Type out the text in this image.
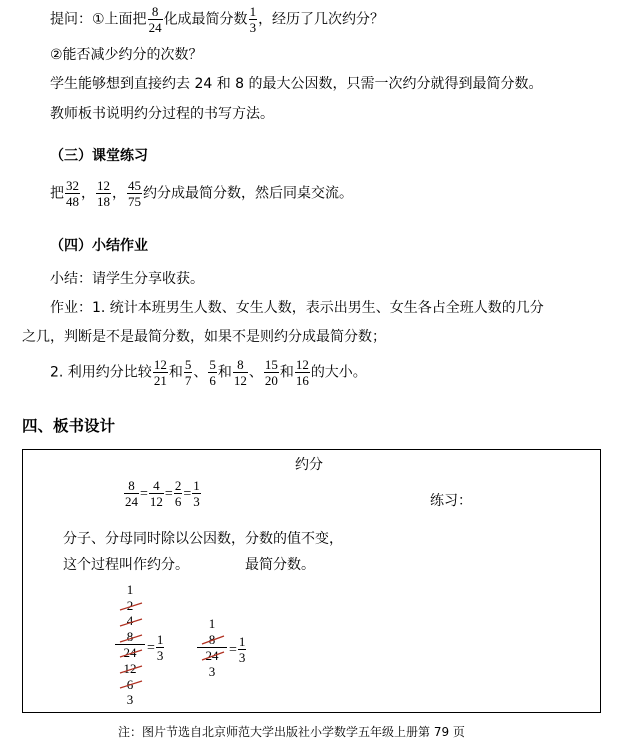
提问：①上面把 $\frac{8}{24}$ 化成最简分数 $\frac{1}{3}$ ，经历了几次约分？
②能否减少约分的次数？
学生能够想到直接约去 24 和 8 的最大公因数，只需一次约分就得到最简分数。
教师板书说明约分过程的书写方法。
（三）课堂练习
把 $\frac{32}{48}$ ， $\frac{12}{18}$ ， $\frac{45}{75}$ 约分成最简分数，然后同桌交流。
（四）小结作业
小结：请学生分享收获。
作业：1. 统计本班男生人数、女生人数，表示出男生、女生各占全班人数的几分
之几，判断是不是最简分数，如果不是则约分成最简分数；
2. 利用约分比较 $\frac{12}{21}$ 和 $\frac{5}{7}$ 、 $\frac{5}{6}$ 和 $\frac{8}{12}$ 、 $\frac{15}{20}$ 和 $\frac{12}{16}$ 的大小。
四、板书设计
约分
$\frac{8}{24} = \frac{4}{12} = \frac{2}{6} = \frac{1}{3}$	练习：
分子、分母同时除以公因数，分数的值不变，
这个过程叫作约分。	最简分数。
1
2
4
8
24
12
6
3
= $\frac{1}{3}$
1
8
24
3
= $\frac{1}{3}$
注：图片节选自北京师范大学出版社小学数学五年级上册第 79 页
